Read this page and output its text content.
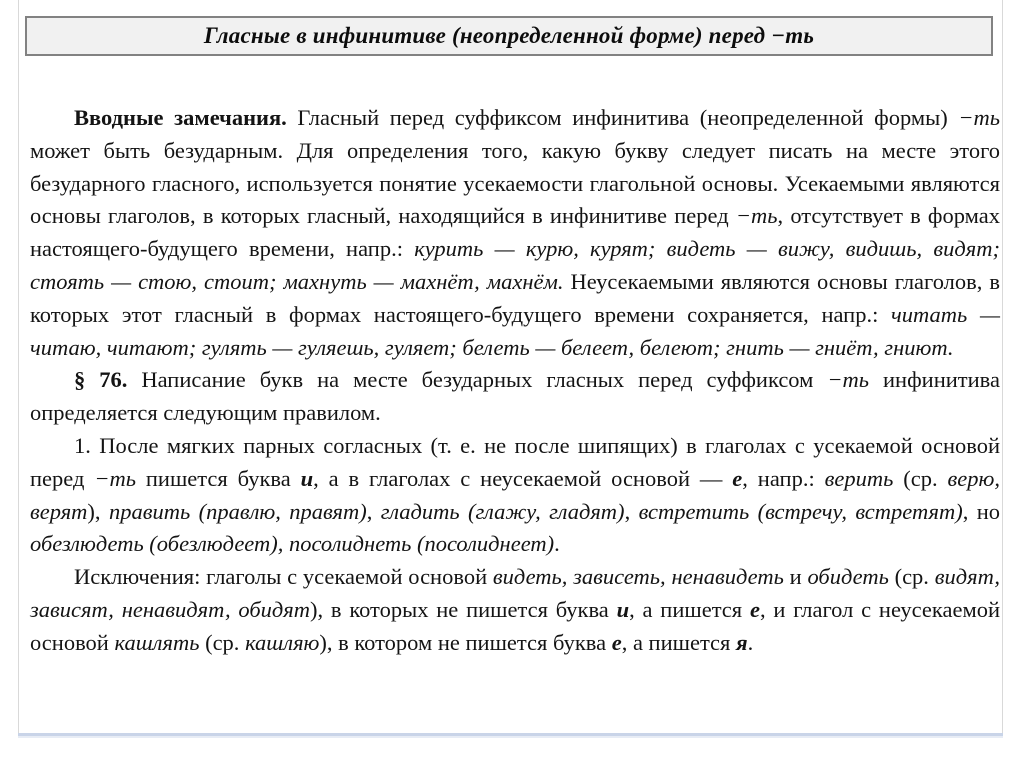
Гласные в инфинитиве (неопределенной форме) перед −ть

Вводные замечания. Гласный перед суффиксом инфинитива (неопределенной формы) −ть может быть безударным. Для определения того, какую букву следует писать на месте этого безударного гласного, используется понятие усекаемости глагольной основы. Усекаемыми являются основы глаголов, в которых гласный, находящийся в инфинитиве перед −ть, отсутствует в формах настоящего-будущего времени, напр.: курить — курю, курят; видеть — вижу, видишь, видят; стоять — стою, стоит; махнуть — махнёт, махнём. Неусекаемыми являются основы глаголов, в которых этот гласный в формах настоящего-будущего времени сохраняется, напр.: читать — читаю, читают; гулять — гуляешь, гуляет; белеть — белеет, белеют; гнить — гниёт, гниют.

§ 76. Написание букв на месте безударных гласных перед суффиксом −ть инфинитива определяется следующим правилом.

1. После мягких парных согласных (т. е. не после шипящих) в глаголах с усекаемой основой перед −ть пишется буква и, а в глаголах с неусекаемой основой — е, напр.: верить (ср. верю, верят), править (правлю, правят), гладить (глажу, гладят), встретить (встречу, встретят), но обезлюдеть (обезлюдеет), посолиднеть (посолиднеет).

Исключения: глаголы с усекаемой основой видеть, зависеть, ненавидеть и обидеть (ср. видят, зависят, ненавидят, обидят), в которых не пишется буква и, а пишется е, и глагол с неусекаемой основой кашлять (ср. кашляю), в котором не пишется буква е, а пишется я.
